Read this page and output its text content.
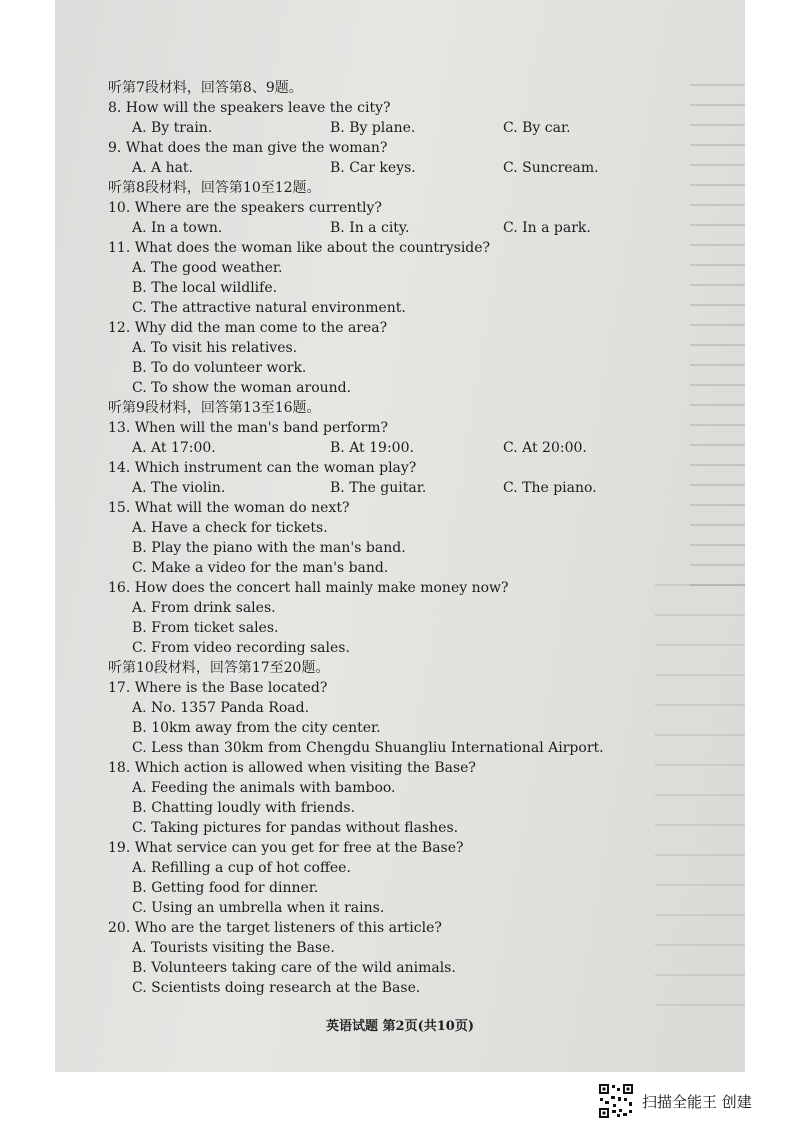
听第7段材料，回答第8、9题。
8. How will the speakers leave the city?
A. By train.	B. By plane.	C. By car.
9. What does the man give the woman?
A. A hat.	B. Car keys.	C. Suncream.
听第8段材料，回答第10至12题。
10. Where are the speakers currently?
A. In a town.	B. In a city.	C. In a park.
11. What does the woman like about the countryside?
A. The good weather.
B. The local wildlife.
C. The attractive natural environment.
12. Why did the man come to the area?
A. To visit his relatives.
B. To do volunteer work.
C. To show the woman around.
听第9段材料，回答第13至16题。
13. When will the man's band perform?
A. At 17:00.	B. At 19:00.	C. At 20:00.
14. Which instrument can the woman play?
A. The violin.	B. The guitar.	C. The piano.
15. What will the woman do next?
A. Have a check for tickets.
B. Play the piano with the man's band.
C. Make a video for the man's band.
16. How does the concert hall mainly make money now?
A. From drink sales.
B. From ticket sales.
C. From video recording sales.
听第10段材料，回答第17至20题。
17. Where is the Base located?
A. No. 1357 Panda Road.
B. 10km away from the city center.
C. Less than 30km from Chengdu Shuangliu International Airport.
18. Which action is allowed when visiting the Base?
A. Feeding the animals with bamboo.
B. Chatting loudly with friends.
C. Taking pictures for pandas without flashes.
19. What service can you get for free at the Base?
A. Refilling a cup of hot coffee.
B. Getting food for dinner.
C. Using an umbrella when it rains.
20. Who are the target listeners of this article?
A. Tourists visiting the Base.
B. Volunteers taking care of the wild animals.
C. Scientists doing research at the Base.
英语试题 第2页(共10页)
扫描全能王 创建
